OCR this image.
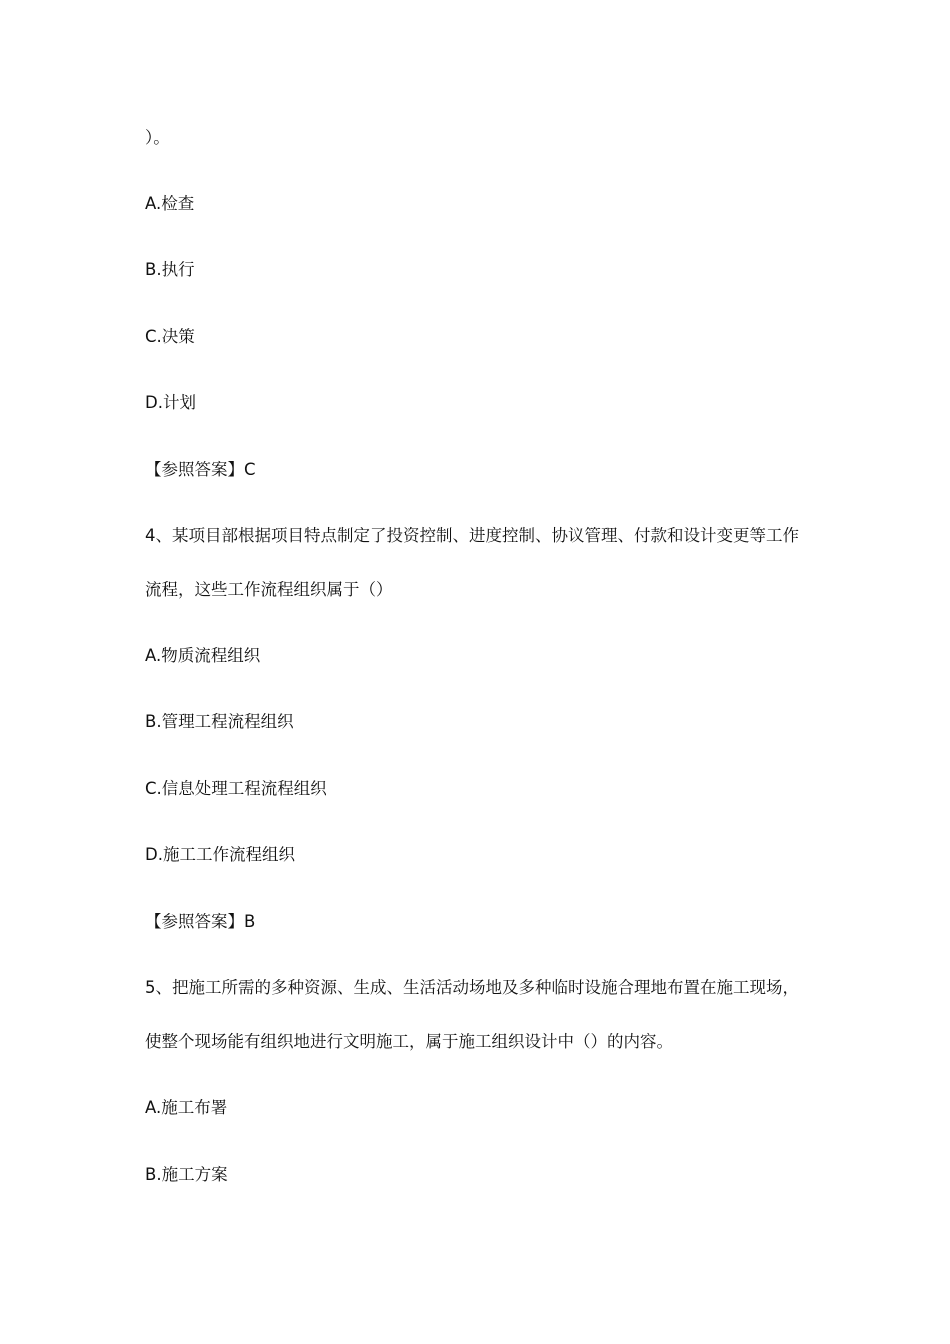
）。
A.检查
B.执行
C.决策
D.计划
【参照答案】C
4、某项目部根据项目特点制定了投资控制、进度控制、协议管理、付款和设计变更等工作
流程，这些工作流程组织属于（）
A.物质流程组织
B.管理工程流程组织
C.信息处理工程流程组织
D.施工工作流程组织
【参照答案】B
5、把施工所需的多种资源、生成、生活活动场地及多种临时设施合理地布置在施工现场，
使整个现场能有组织地进行文明施工，属于施工组织设计中（）的内容。
A.施工布署
B.施工方案
